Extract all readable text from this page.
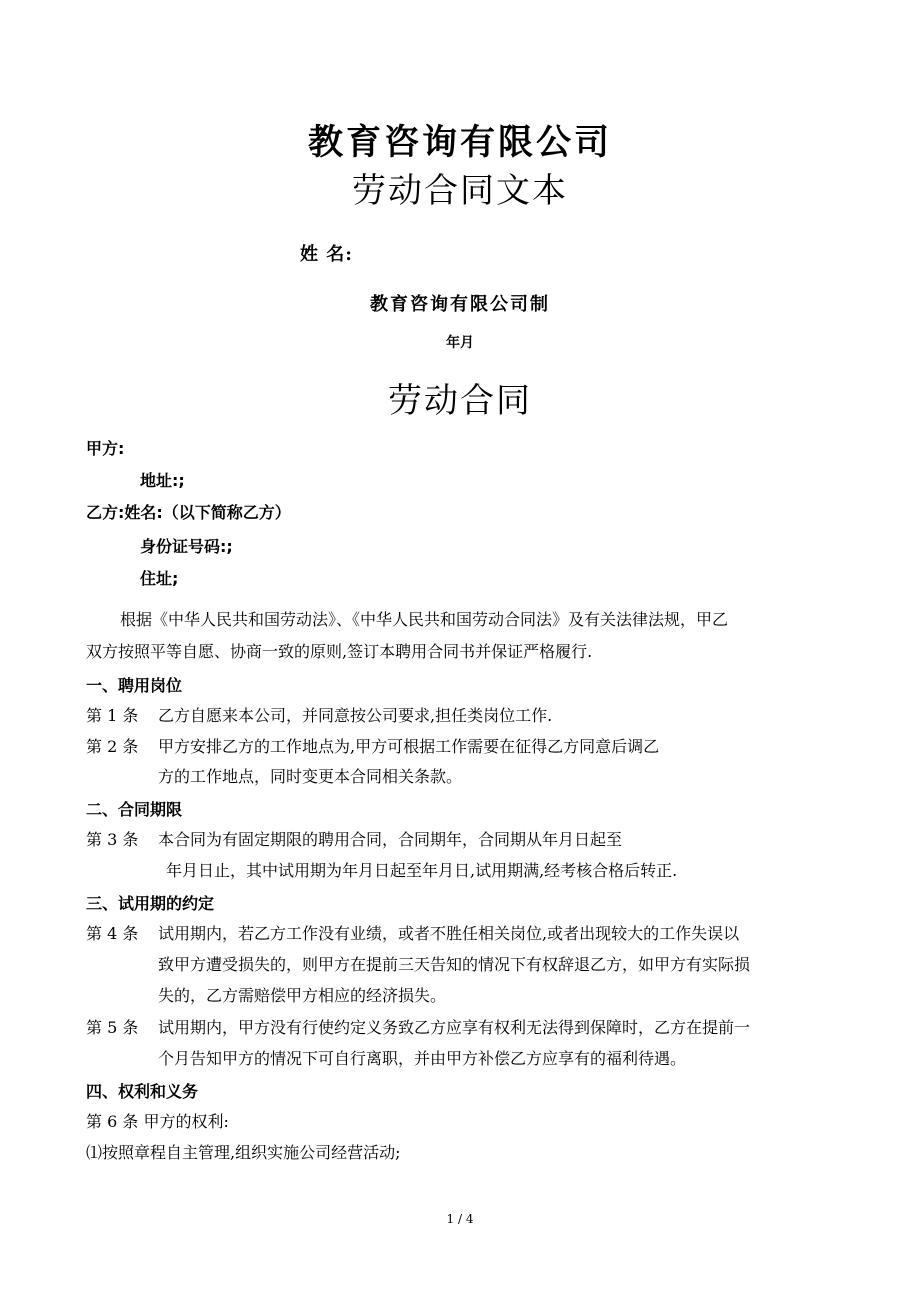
教育咨询有限公司
劳动合同文本
姓 名:
教育咨询有限公司制
年月
劳动合同
甲方:
地址:;
乙方:姓名:（以下简称乙方）
身份证号码:;
住址;
根据《中华人民共和国劳动法》、《中华人民共和国劳动合同法》及有关法律法规，甲乙
双方按照平等自愿、协商一致的原则,签订本聘用合同书并保证严格履行.
一、聘用岗位
第 1 条 乙方自愿来本公司，并同意按公司要求,担任类岗位工作.
第 2 条 甲方安排乙方的工作地点为,甲方可根据工作需要在征得乙方同意后调乙
方的工作地点，同时变更本合同相关条款。
二、合同期限
第 3 条 本合同为有固定期限的聘用合同，合同期年，合同期从年月日起至
年月日止，其中试用期为年月日起至年月日,试用期满,经考核合格后转正.
三、试用期的约定
第 4 条 试用期内，若乙方工作没有业绩，或者不胜任相关岗位,或者出现较大的工作失误以
致甲方遭受损失的，则甲方在提前三天告知的情况下有权辞退乙方，如甲方有实际损
失的，乙方需赔偿甲方相应的经济损失。
第 5 条 试用期内，甲方没有行使约定义务致乙方应享有权利无法得到保障时，乙方在提前一
个月告知甲方的情况下可自行离职，并由甲方补偿乙方应享有的福利待遇。
四、权利和义务
第 6 条 甲方的权利:
⑴按照章程自主管理,组织实施公司经营活动;
1 / 4
